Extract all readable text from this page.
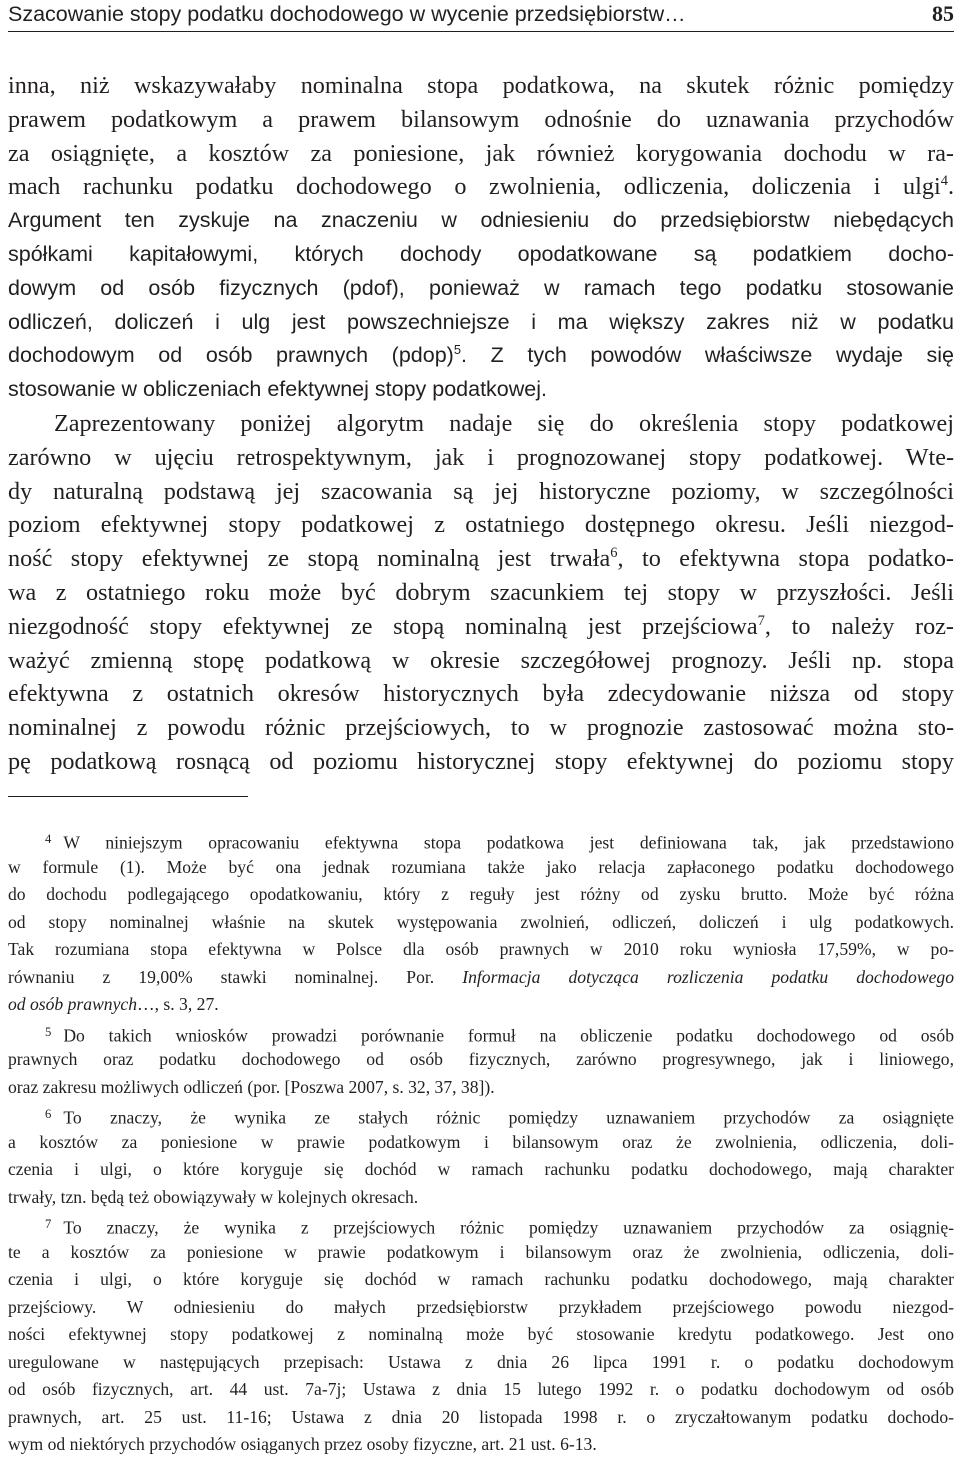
Szacowanie stopy podatku dochodowego w wycenie przedsiębiorstw…	85
inna, niż wskazywałaby nominalna stopa podatkowa, na skutek różnic pomiędzy
prawem podatkowym a prawem bilansowym odnośnie do uznawania przychodów
za osiągnięte, a kosztów za poniesione, jak również korygowania dochodu w ra-
mach rachunku podatku dochodowego o zwolnienia, odliczenia, doliczenia i ulgi$^4$.
Argument ten zyskuje na znaczeniu w odniesieniu do przedsiębiorstw niebędących
spółkami kapitałowymi, których dochody opodatkowane są podatkiem docho-
dowym od osób fizycznych (pdof), ponieważ w ramach tego podatku stosowanie
odliczeń, doliczeń i ulg jest powszechniejsze i ma większy zakres niż w podatku
dochodowym od osób prawnych (pdop)$^5$. Z tych powodów właściwsze wydaje się
stosowanie w obliczeniach efektywnej stopy podatkowej.
Zaprezentowany poniżej algorytm nadaje się do określenia stopy podatkowej
zarówno w ujęciu retrospektywnym, jak i prognozowanej stopy podatkowej. Wte-
dy naturalną podstawą jej szacowania są jej historyczne poziomy, w szczególności
poziom efektywnej stopy podatkowej z ostatniego dostępnego okresu. Jeśli niezgod-
ność stopy efektywnej ze stopą nominalną jest trwała$^6$, to efektywna stopa podatko-
wa z ostatniego roku może być dobrym szacunkiem tej stopy w przyszłości. Jeśli
niezgodność stopy efektywnej ze stopą nominalną jest przejściowa$^7$, to należy roz-
ważyć zmienną stopę podatkową w okresie szczegółowej prognozy. Jeśli np. stopa
efektywna z ostatnich okresów historycznych była zdecydowanie niższa od stopy
nominalnej z powodu różnic przejściowych, to w prognozie zastosować można sto-
pę podatkową rosnącą od poziomu historycznej stopy efektywnej do poziomu stopy
$^4$ W niniejszym opracowaniu efektywna stopa podatkowa jest definiowana tak, jak przedstawiono
w formule (1). Może być ona jednak rozumiana także jako relacja zapłaconego podatku dochodowego
do dochodu podlegającego opodatkowaniu, który z reguły jest różny od zysku brutto. Może być różna
od stopy nominalnej właśnie na skutek występowania zwolnień, odliczeń, doliczeń i ulg podatkowych.
Tak rozumiana stopa efektywna w Polsce dla osób prawnych w 2010 roku wyniosła 17,59%, w po-
równaniu z 19,00% stawki nominalnej. Por. Informacja dotycząca rozliczenia podatku dochodowego
od osób prawnych…, s. 3, 27.
$^5$ Do takich wniosków prowadzi porównanie formuł na obliczenie podatku dochodowego od osób
prawnych oraz podatku dochodowego od osób fizycznych, zarówno progresywnego, jak i liniowego,
oraz zakresu możliwych odliczeń (por. [Poszwa 2007, s. 32, 37, 38]).
$^6$ To znaczy, że wynika ze stałych różnic pomiędzy uznawaniem przychodów za osiągnięte
a kosztów za poniesione w prawie podatkowym i bilansowym oraz że zwolnienia, odliczenia, doli-
czenia i ulgi, o które koryguje się dochód w ramach rachunku podatku dochodowego, mają charakter
trwały, tzn. będą też obowiązywały w kolejnych okresach.
$^7$ To znaczy, że wynika z przejściowych różnic pomiędzy uznawaniem przychodów za osiągnię-
te a kosztów za poniesione w prawie podatkowym i bilansowym oraz że zwolnienia, odliczenia, doli-
czenia i ulgi, o które koryguje się dochód w ramach rachunku podatku dochodowego, mają charakter
przejściowy. W odniesieniu do małych przedsiębiorstw przykładem przejściowego powodu niezgod-
ności efektywnej stopy podatkowej z nominalną może być stosowanie kredytu podatkowego. Jest ono
uregulowane w następujących przepisach: Ustawa z dnia 26 lipca 1991 r. o podatku dochodowym
od osób fizycznych, art. 44 ust. 7a-7j; Ustawa z dnia 15 lutego 1992 r. o podatku dochodowym od osób
prawnych, art. 25 ust. 11-16; Ustawa z dnia 20 listopada 1998 r. o zryczałtowanym podatku dochodo-
wym od niektórych przychodów osiąganych przez osoby fizyczne, art. 21 ust. 6-13.
